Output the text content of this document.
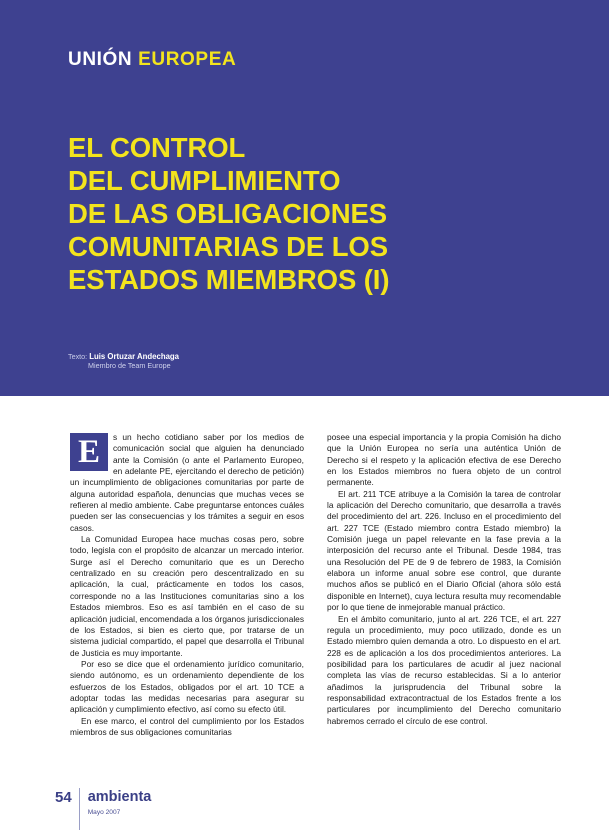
UNIÓN EUROPEA
EL CONTROL
DEL CUMPLIMIENTO
DE LAS OBLIGACIONES
COMUNITARIAS DE LOS
ESTADOS MIEMBROS (I)
Texto: Luis Ortuzar Andechaga
Miembro de Team Europe

E	s un hecho cotidiano saber por los medios de comunicación social que alguien ha denunciado ante la Comisión (o ante el Parlamento Europeo, en adelante PE, ejercitando el derecho de petición) un incumplimiento de obligaciones comunitarias por parte de alguna autoridad española, denuncias que muchas veces se refieren al medio ambiente. Cabe preguntarse entonces cuáles pueden ser las consecuencias y los trámites a seguir en esos casos.

La Comunidad Europea hace muchas cosas pero, sobre todo, legisla con el propósito de alcanzar un mercado interior. Surge así el Derecho comunitario que es un Derecho centralizado en su creación pero descentralizado en su aplicación, la cual, prácticamente en todos los casos, corresponde no a las Instituciones comunitarias sino a los Estados miembros. Eso es así también en el caso de su aplicación judicial, encomendada a los órganos jurisdiccionales de los Estados, si bien es cierto que, por tratarse de un sistema judicial compartido, el papel que desarrolla el Tribunal de Justicia es muy importante.

Por eso se dice que el ordenamiento jurídico comunitario, siendo autónomo, es un ordenamiento dependiente de los esfuerzos de los Estados, obligados por el art. 10 TCE a adoptar todas las medidas necesarias para asegurar su aplicación y cumplimiento efectivo, así como su efecto útil.

En ese marco, el control del cumplimiento por los Estados miembros de sus obligaciones comunitarias

posee una especial importancia y la propia Comisión ha dicho que la Unión Europea no sería una auténtica Unión de Derecho si el respeto y la aplicación efectiva de ese Derecho en los Estados miembros no fuera objeto de un control permanente.

El art. 211 TCE atribuye a la Comisión la tarea de controlar la aplicación del Derecho comunitario, que desarrolla a través del procedimiento del art. 226. Incluso en el procedimiento del art. 227 TCE (Estado miembro contra Estado miembro) la Comisión juega un papel relevante en la fase previa a la interposición del recurso ante el Tribunal. Desde 1984, tras una Resolución del PE de 9 de febrero de 1983, la Comisión elabora un informe anual sobre ese control, que durante muchos años se publicó en el Diario Oficial (ahora sólo está disponible en Internet), cuya lectura resulta muy recomendable por lo que tiene de inmejorable manual práctico.

En el ámbito comunitario, junto al art. 226 TCE, el art. 227 regula un procedimiento, muy poco utilizado, donde es un Estado miembro quien demanda a otro. Lo dispuesto en el art. 228 es de aplicación a los dos procedimientos anteriores. La posibilidad para los particulares de acudir al juez nacional completa las vías de recurso establecidas. Si a lo anterior añadimos la jurisprudencia del Tribunal sobre la responsabilidad extracontractual de los Estados frente a los particulares por incumplimiento del Derecho comunitario habremos cerrado el círculo de ese control.

54	ambienta
Mayo 2007
